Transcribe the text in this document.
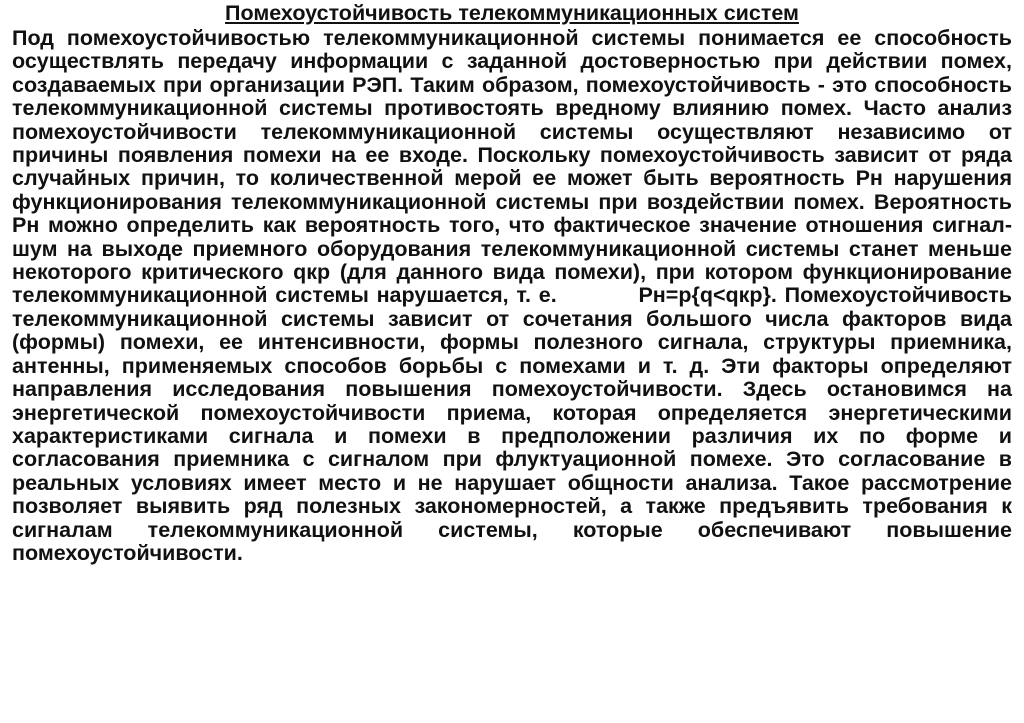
Помехоустойчивость телекоммуникационных систем

Под помехоустойчивостью телекоммуникационной системы понимается ее способность осуществлять передачу информации с заданной достоверностью при действии помех, создаваемых при организации РЭП. Таким образом, помехоустойчивость - это способность телекоммуникационной системы противостоять вредному влиянию помех. Часто анализ помехоустойчивости телекоммуникационной системы осуществляют независимо от причины появления помехи на ее входе. Поскольку помехоустойчивость зависит от ряда случайных причин, то количественной мерой ее может быть вероятность Рн нарушения функционирования телекоммуникационной системы при воздействии помех. Вероятность Рн можно определить как вероятность того, что фактическое значение отношения сигнал-шум на выходе приемного оборудования телекоммуникационной системы станет меньше некоторого критического qкр (для данного вида помехи), при котором функционирование телекоммуникационной системы нарушается, т. е.	Рн=р{q<qкр}. Помехоустойчивость телекоммуникационной системы зависит от сочетания большого числа факторов вида (формы) помехи, ее интенсивности, формы полезного сигнала, структуры приемника, антенны, применяемых способов борьбы с помехами и т. д. Эти факторы определяют направления исследования повышения помехоустойчивости. Здесь остановимся на энергетической помехоустойчивости приема, которая определяется энергетическими характеристиками сигнала и помехи в предположении различия их по форме и согласования приемника с сигналом при флуктуационной помехе. Это согласование в реальных условиях имеет место и не нарушает общности анализа. Такое рассмотрение позволяет выявить ряд полезных закономерностей, а также предъявить требования к сигналам телекоммуникационной системы, которые обеспечивают повышение помехоустойчивости.
